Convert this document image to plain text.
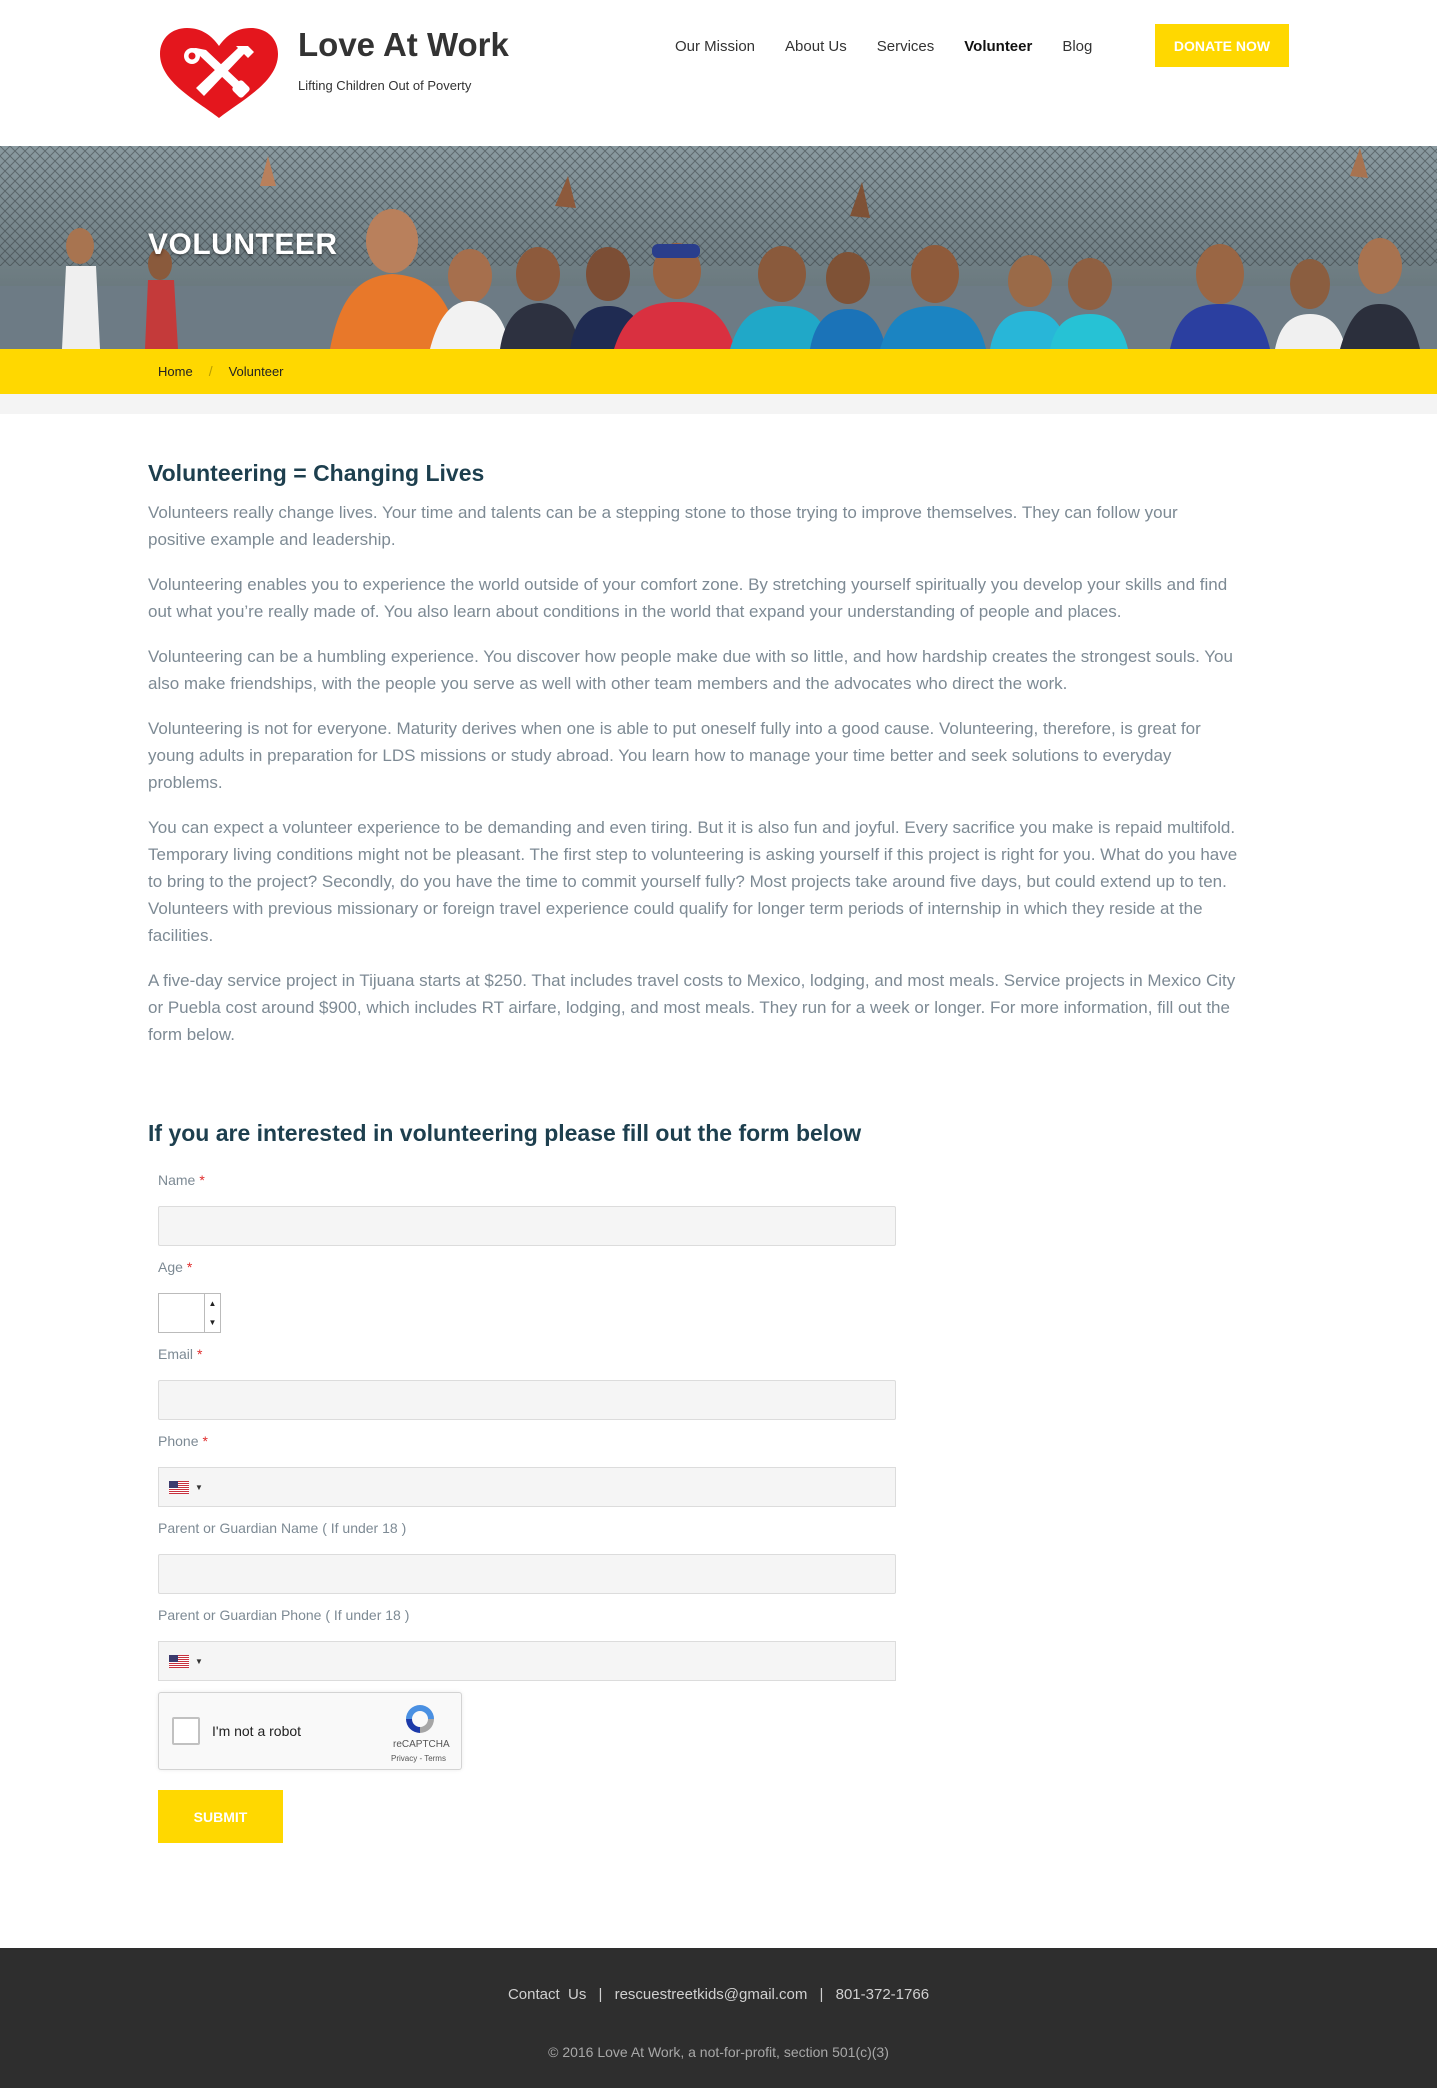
Love At Work
Lifting Children Out of Poverty
Our Mission	About Us	Services	Volunteer	Blog	DONATE NOW
VOLUNTEER
Home / Volunteer
Volunteering = Changing Lives

Volunteers really change lives. Your time and talents can be a stepping stone to those trying to improve themselves. They can follow your positive example and leadership.

Volunteering enables you to experience the world outside of your comfort zone. By stretching yourself spiritually you develop your skills and find out what you’re really made of. You also learn about conditions in the world that expand your understanding of people and places.

Volunteering can be a humbling experience. You discover how people make due with so little, and how hardship creates the strongest souls. You also make friendships, with the people you serve as well with other team members and the advocates who direct the work.

Volunteering is not for everyone. Maturity derives when one is able to put oneself fully into a good cause. Volunteering, therefore, is great for young adults in preparation for LDS missions or study abroad. You learn how to manage your time better and seek solutions to everyday problems.

You can expect a volunteer experience to be demanding and even tiring. But it is also fun and joyful. Every sacrifice you make is repaid multifold. Temporary living conditions might not be pleasant. The first step to volunteering is asking yourself if this project is right for you. What do you have to bring to the project? Secondly, do you have the time to commit yourself fully? Most projects take around five days, but could extend up to ten. Volunteers with previous missionary or foreign travel experience could qualify for longer term periods of internship in which they reside at the facilities.

A five-day service project in Tijuana starts at $250. That includes travel costs to Mexico, lodging, and most meals. Service projects in Mexico City or Puebla cost around $900, which includes RT airfare, lodging, and most meals. They run for a week or longer. For more information, fill out the form below.

If you are interested in volunteering please fill out the form below
Name *
Age *
▲
▼
Email *
Phone *
▼
Parent or Guardian Name ( If under 18 )
Parent or Guardian Phone ( If under 18 )
▼
I'm not a robot
reCAPTCHA
Privacy - Terms
SUBMIT
Contact  Us | rescuestreetkids@gmail.com | 801-372-1766
© 2016 Love At Work, a not-for-profit, section 501(c)(3)
